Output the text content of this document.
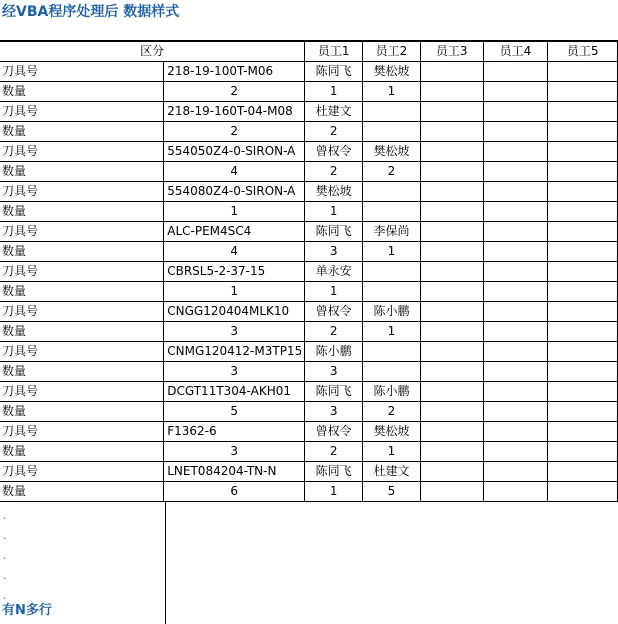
经VBA程序处理后 数据样式
区分		员工1	员工2	员工3	员工4	员工5
刀具号	218-19-100T-M06	陈同飞	樊松坡			
数量	2	1	1			
刀具号	218-19-160T-04-M08	杜建文				
数量	2	2				
刀具号	554050Z4-0-SIRON-A	曾权令	樊松坡			
数量	4	2	2			
刀具号	554080Z4-0-SIRON-A	樊松坡				
数量	1	1				
刀具号	ALC-PEM4SC4	陈同飞	李保尚			
数量	4	3	1			
刀具号	CBRSL5-2-37-15	单永安				
数量	1	1				
刀具号	CNGG120404MLK10	曾权令	陈小鹏			
数量	3	2	1			
刀具号	CNMG120412-M3TP15	陈小鹏				
数量	3	3				
刀具号	DCGT11T304-AKH01	陈同飞	陈小鹏			
数量	5	3	2			
刀具号	F1362-6	曾权令	樊松坡			
数量	3	2	1			
刀具号	LNET084204-TN-N	陈同飞	杜建文			
数量	6	1	5			
.
.
.
.
.
有N多行
